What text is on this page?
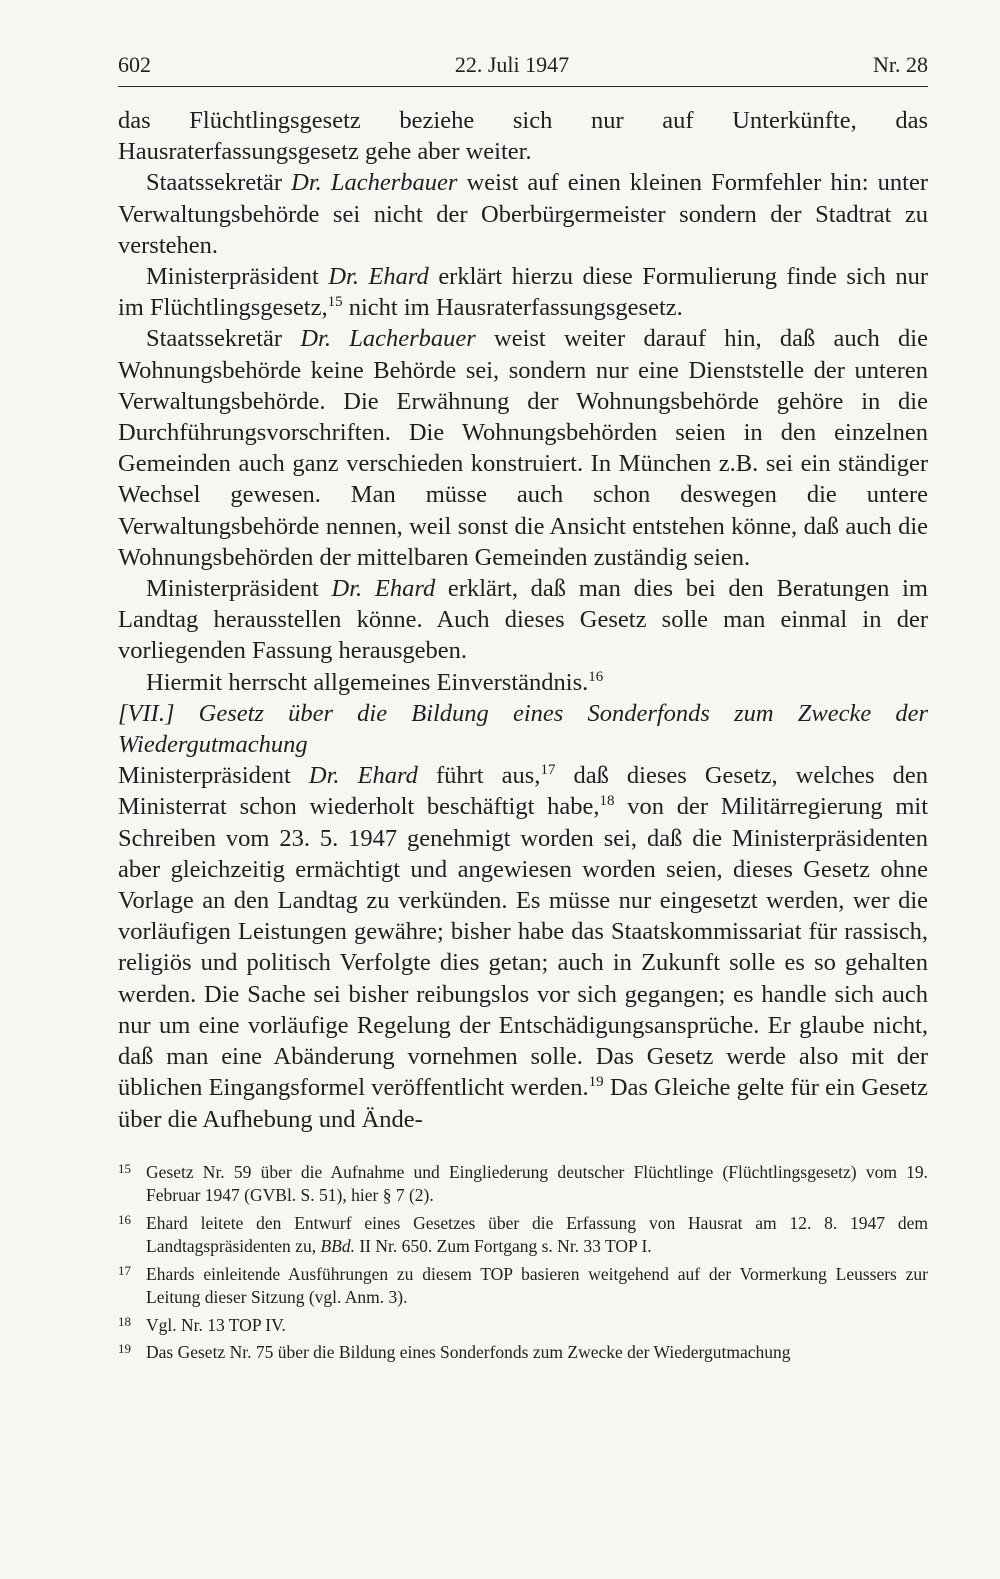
602	22. Juli 1947	Nr. 28

das Flüchtlingsgesetz beziehe sich nur auf Unterkünfte, das Hausraterfassungsgesetz gehe aber weiter.

Staatssekretär Dr. Lacherbauer weist auf einen kleinen Formfehler hin: unter Verwaltungsbehörde sei nicht der Oberbürgermeister sondern der Stadtrat zu verstehen.

Ministerpräsident Dr. Ehard erklärt hierzu diese Formulierung finde sich nur im Flüchtlingsgesetz,$^{15}$ nicht im Hausraterfassungsgesetz.

Staatssekretär Dr. Lacherbauer weist weiter darauf hin, daß auch die Wohnungsbehörde keine Behörde sei, sondern nur eine Dienststelle der unteren Verwaltungsbehörde. Die Erwähnung der Wohnungsbehörde gehöre in die Durchführungsvorschriften. Die Wohnungsbehörden seien in den einzelnen Gemeinden auch ganz verschieden konstruiert. In München z.B. sei ein ständiger Wechsel gewesen. Man müsse auch schon deswegen die untere Verwaltungsbehörde nennen, weil sonst die Ansicht entstehen könne, daß auch die Wohnungsbehörden der mittelbaren Gemeinden zuständig seien.

Ministerpräsident Dr. Ehard erklärt, daß man dies bei den Beratungen im Landtag herausstellen könne. Auch dieses Gesetz solle man einmal in der vorliegenden Fassung herausgeben.

Hiermit herrscht allgemeines Einverständnis.$^{16}$

[VII.] Gesetz über die Bildung eines Sonderfonds zum Zwecke der Wiedergutmachung

Ministerpräsident Dr. Ehard führt aus,$^{17}$ daß dieses Gesetz, welches den Ministerrat schon wiederholt beschäftigt habe,$^{18}$ von der Militärregierung mit Schreiben vom 23. 5. 1947 genehmigt worden sei, daß die Ministerpräsidenten aber gleichzeitig ermächtigt und angewiesen worden seien, dieses Gesetz ohne Vorlage an den Landtag zu verkünden. Es müsse nur eingesetzt werden, wer die vorläufigen Leistungen gewähre; bisher habe das Staatskommissariat für rassisch, religiös und politisch Verfolgte dies getan; auch in Zukunft solle es so gehalten werden. Die Sache sei bisher reibungslos vor sich gegangen; es handle sich auch nur um eine vorläufige Regelung der Entschädigungsansprüche. Er glaube nicht, daß man eine Abänderung vornehmen solle. Das Gesetz werde also mit der üblichen Eingangsformel veröffentlicht werden.$^{19}$ Das Gleiche gelte für ein Gesetz über die Aufhebung und Ände-

15 Gesetz Nr. 59 über die Aufnahme und Eingliederung deutscher Flüchtlinge (Flüchtlingsgesetz) vom 19. Februar 1947 (GVBl. S. 51), hier § 7 (2).
16 Ehard leitete den Entwurf eines Gesetzes über die Erfassung von Hausrat am 12. 8. 1947 dem Landtagspräsidenten zu, BBd. II Nr. 650. Zum Fortgang s. Nr. 33 TOP I.
17 Ehards einleitende Ausführungen zu diesem TOP basieren weitgehend auf der Vormerkung Leussers zur Leitung dieser Sitzung (vgl. Anm. 3).
18 Vgl. Nr. 13 TOP IV.
19 Das Gesetz Nr. 75 über die Bildung eines Sonderfonds zum Zwecke der Wiedergutmachung
